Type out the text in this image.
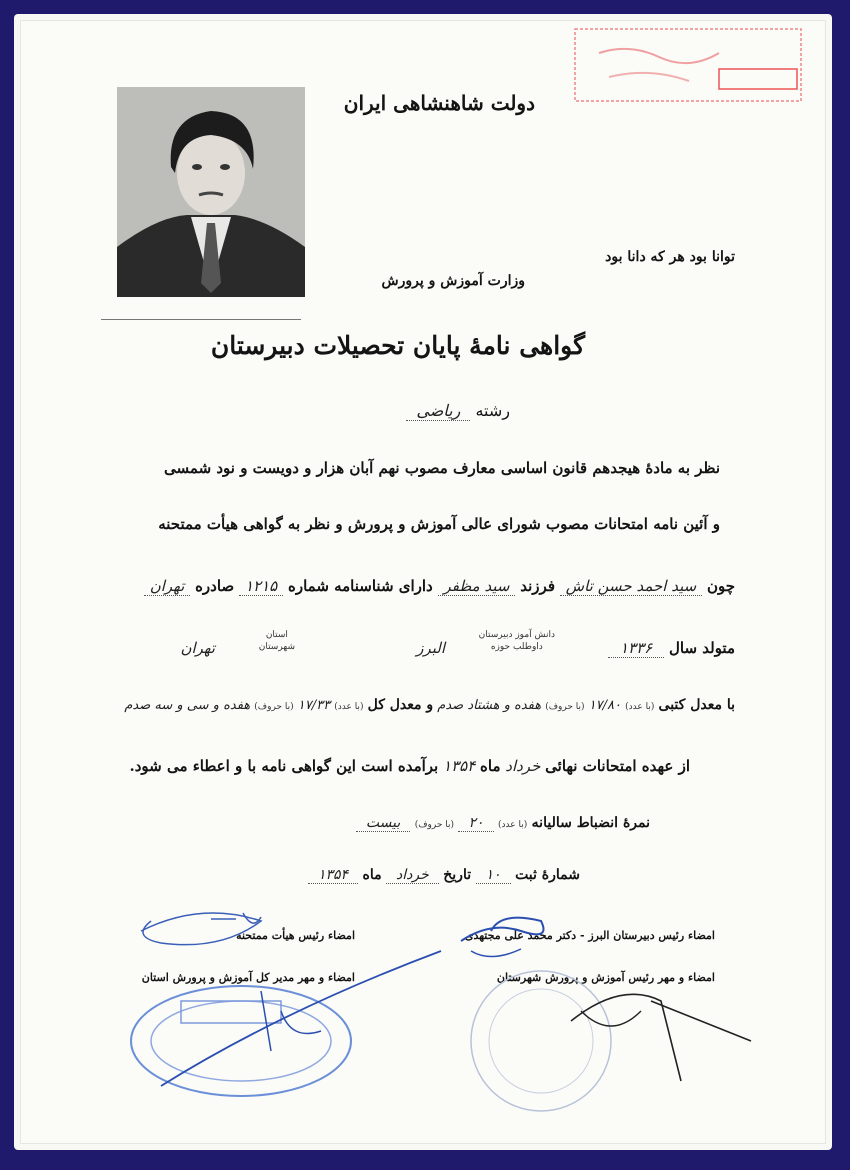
دولت شاهنشاهی ایران
توانا بود هر که دانا بود
وزارت آموزش و پرورش
گواهی نامهٔ پایان تحصیلات دبیرستان
رشته ریاضی
نظر به مادهٔ هیجدهم قانون اساسی معارف مصوب نهم آبان هزار و دویست و نود شمسی
و آئین نامه امتحانات مصوب شورای عالی آموزش و پرورش و نظر به گواهی هیأت ممتحنه
چون سید احمد حسن تاش فرزند سید مظفر دارای شناسنامه شماره ۱۲۱۵ صادره تهران
متولد سال ۱۳۳۶
دانش آموز دبیرستان
داوطلب حوزه
البرز
استان
شهرستان
تهران
با معدل کتبی (با عدد) ۱۷/۸۰ (با حروف) هفده و هشتاد صدم و معدل کل (با عدد) ۱۷/۳۳ (با حروف) هفده و سی و سه صدم
از عهده امتحانات نهائی خرداد ماه ۱۳۵۴ برآمده است این گواهی نامه با و اعطاء می شود.
نمرهٔ انضباط سالیانه (با عدد) ۲۰ (با حروف) بیست
شمارهٔ ثبت ۱۰ تاریخ خرداد ماه ۱۳۵۴
امضاء رئیس دبیرستان البرز - دکتر محمد علی مجتهدی
امضاء و مهر رئیس آموزش و پرورش شهرستان
امضاء رئیس هیأت ممتحنه
امضاء و مهر مدیر کل آموزش و پرورش استان
